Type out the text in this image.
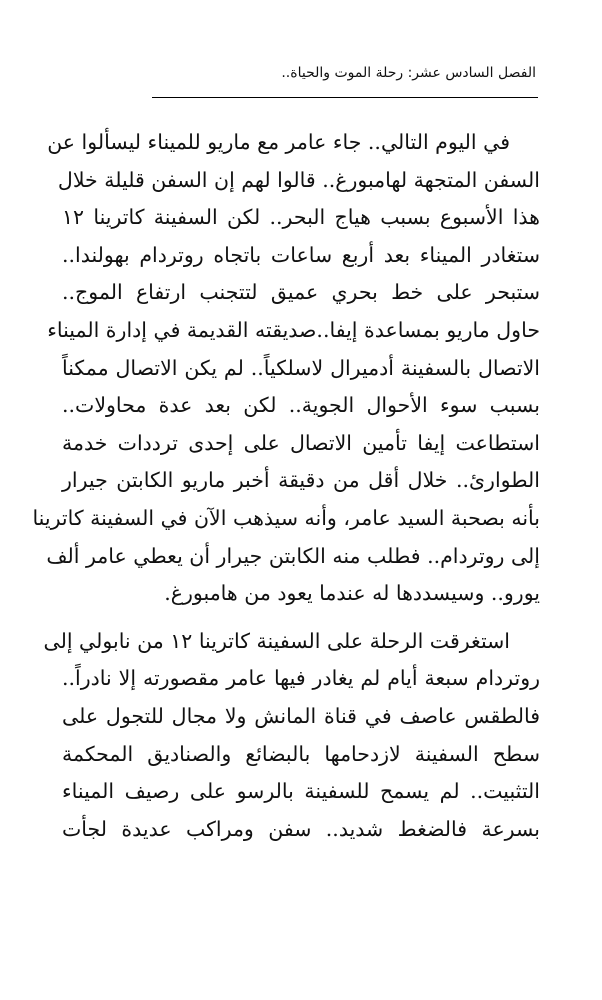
الفصل السادس عشر: رحلة الموت والحياة..
في اليوم التالي.. جاء عامر مع ماريو للميناء ليسألوا عن
السفن المتجهة لهامبورغ.. قالوا لهم إن السفن قليلة خلال
هذا الأسبوع بسبب هياج البحر.. لكن السفينة كاترينا ١٢
ستغادر الميناء بعد أربع ساعات باتجاه روتردام بهولندا..
ستبحر على خط بحري عميق لتتجنب ارتفاع الموج..
حاول ماريو بمساعدة إيفا..صديقته القديمة في إدارة الميناء
الاتصال بالسفينة أدميرال لاسلكياً.. لم يكن الاتصال ممكناً
بسبب سوء الأحوال الجوية.. لكن بعد عدة محاولات..
استطاعت إيفا تأمين الاتصال على إحدى ترددات خدمة
الطوارئ.. خلال أقل من دقيقة أخبر ماريو الكابتن جيرار
بأنه بصحبة السيد عامر، وأنه سيذهب الآن في السفينة كاترينا
إلى روتردام.. فطلب منه الكابتن جيرار أن يعطي عامر ألف
يورو.. وسيسددها له عندما يعود من هامبورغ.
استغرقت الرحلة على السفينة كاترينا ١٢ من نابولي إلى
روتردام سبعة أيام لم يغادر فيها عامر مقصورته إلا نادراً..
فالطقس عاصف في قناة المانش ولا مجال للتجول على
سطح السفينة لازدحامها بالبضائع والصناديق المحكمة
التثبيت.. لم يسمح للسفينة بالرسو على رصيف الميناء
بسرعة فالضغط شديد.. سفن ومراكب عديدة لجأت
